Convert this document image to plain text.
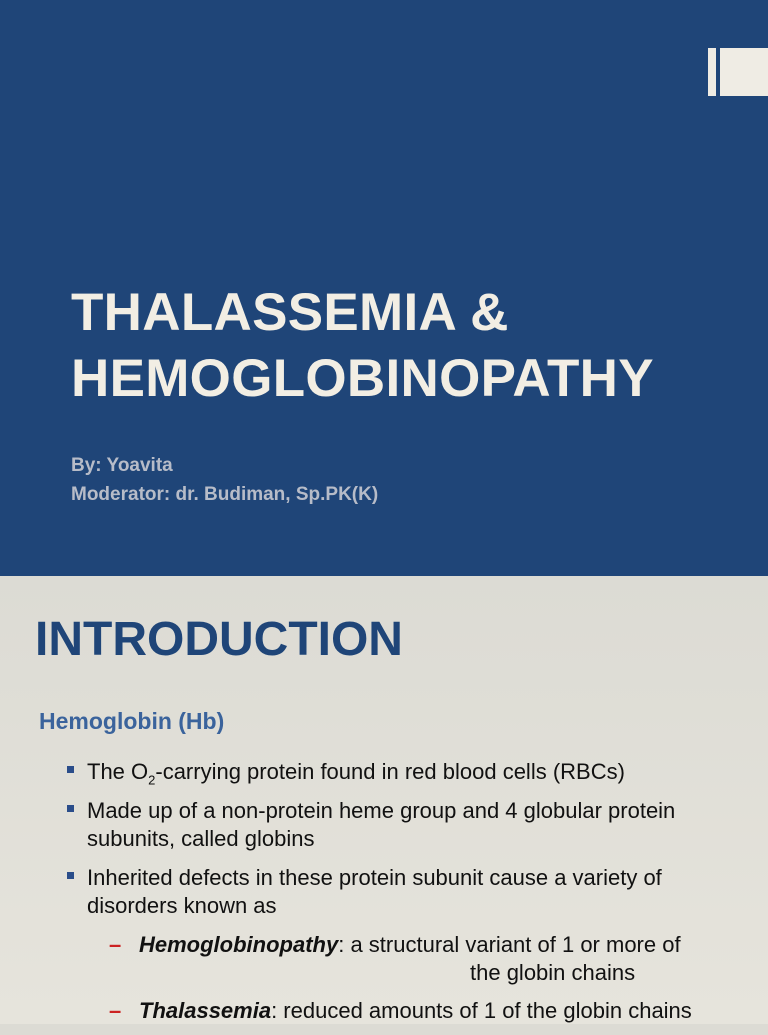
THALASSEMIA &
HEMOGLOBINOPATHY
By: Yoavita
Moderator: dr. Budiman, Sp.PK(K)
INTRODUCTION
Hemoglobin (Hb)
The $O_2$-carrying protein found in red blood cells (RBCs)
Made up of a non-protein heme group and 4 globular protein subunits, called globins
Inherited defects in these protein subunit cause a variety of disorders known as
– Hemoglobinopathy: a structural variant of 1 or more of
the globin chains
– Thalassemia: reduced amounts of 1 of the globin chains
